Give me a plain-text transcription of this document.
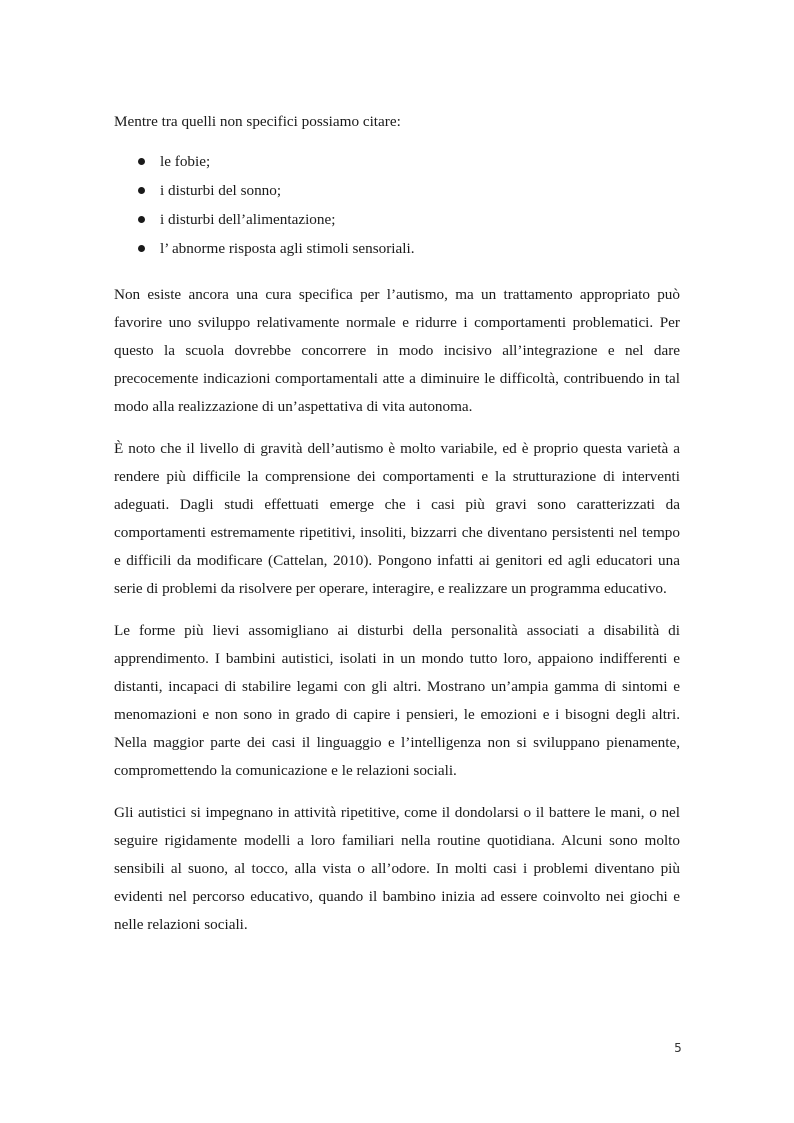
Mentre tra quelli non specifici possiamo citare:

le fobie;
i disturbi del sonno;
i disturbi dell’alimentazione;
l’ abnorme risposta agli stimoli sensoriali.

Non esiste ancora una cura specifica per l’autismo, ma un trattamento appropriato può favorire uno sviluppo relativamente normale e ridurre i comportamenti problematici. Per questo la scuola dovrebbe concorrere in modo incisivo all’integrazione e nel dare precocemente indicazioni comportamentali atte a diminuire le difficoltà, contribuendo in tal modo alla realizzazione di un’aspettativa di vita autonoma.

È noto che il livello di gravità dell’autismo è molto variabile, ed è proprio questa varietà a rendere più difficile la comprensione dei comportamenti e la strutturazione di interventi adeguati. Dagli studi effettuati emerge che i casi più gravi sono caratterizzati da comportamenti estremamente ripetitivi, insoliti, bizzarri che diventano persistenti nel tempo e difficili da modificare (Cattelan, 2010). Pongono infatti ai genitori ed agli educatori una serie di problemi da risolvere per operare, interagire, e realizzare un programma educativo.

Le forme più lievi assomigliano ai disturbi della personalità associati a disabilità di apprendimento. I bambini autistici, isolati in un mondo tutto loro, appaiono indifferenti e distanti, incapaci di stabilire legami con gli altri. Mostrano un’ampia gamma di sintomi e menomazioni e non sono in grado di capire i pensieri, le emozioni e i bisogni degli altri. Nella maggior parte dei casi il linguaggio e l’intelligenza non si sviluppano pienamente, compromettendo la comunicazione e le relazioni sociali.

Gli autistici si impegnano in attività ripetitive, come il dondolarsi o il battere le mani, o nel seguire rigidamente modelli a loro familiari nella routine quotidiana. Alcuni sono molto sensibili al suono, al tocco, alla vista o all’odore. In molti casi i problemi diventano più evidenti nel percorso educativo, quando il bambino inizia ad essere coinvolto nei giochi e nelle relazioni sociali.

5
